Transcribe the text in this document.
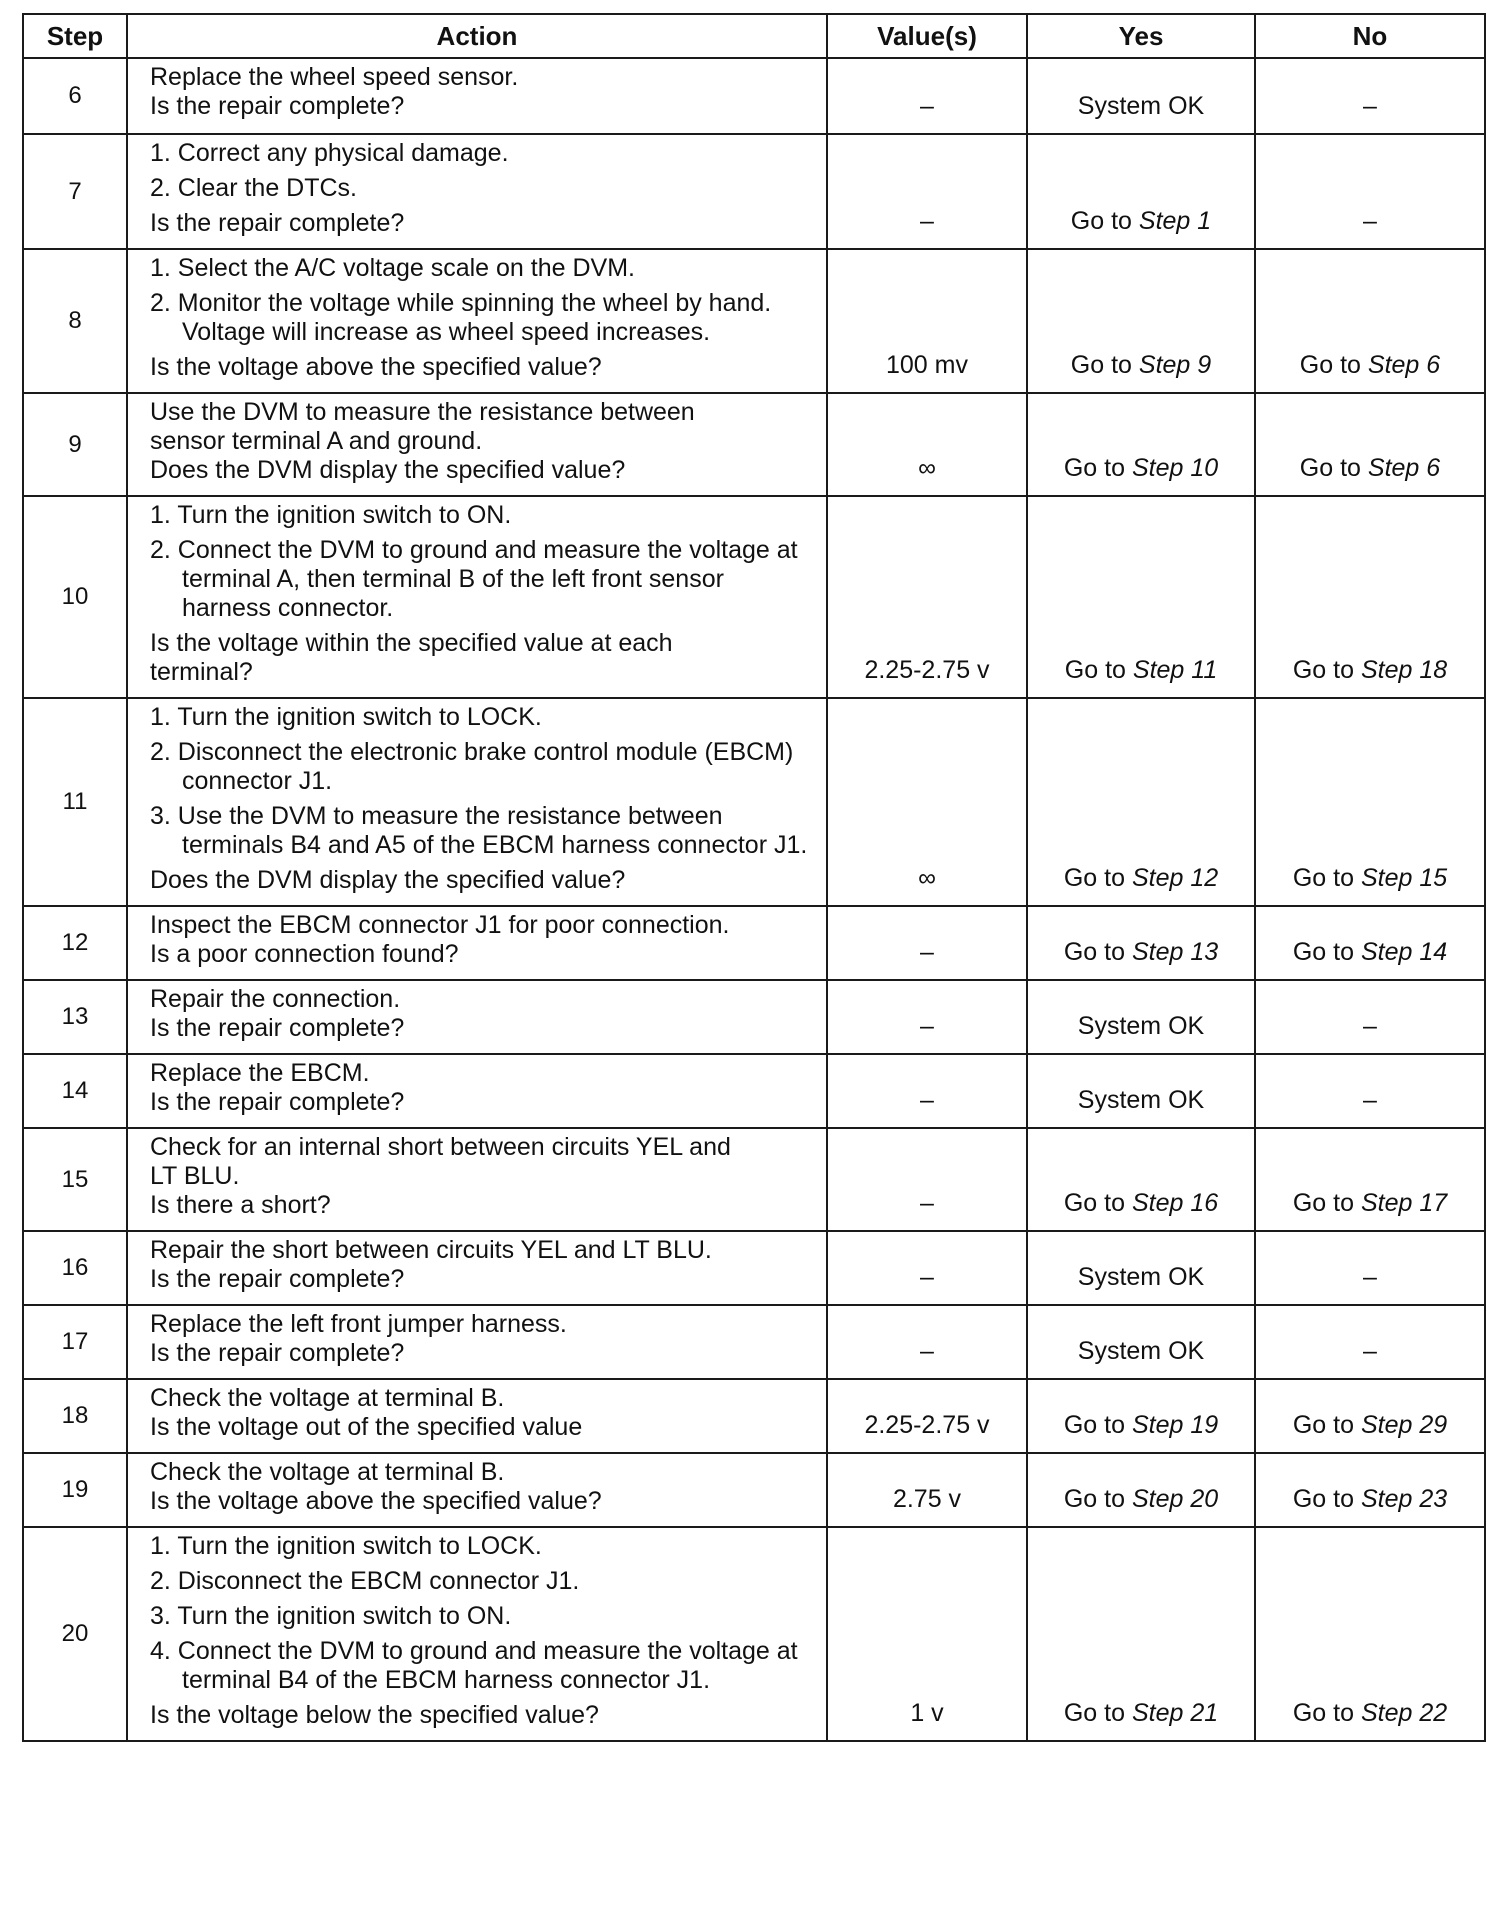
Step	Action	Value(s)	Yes	No
6	Replace the wheel speed sensor.
Is the repair complete?	–	System OK	–
7	1. Correct any physical damage.
2. Clear the DTCs.
Is the repair complete?	–	Go to Step 1	–
8	1. Select the A/C voltage scale on the DVM.
2. Monitor the voltage while spinning the wheel by hand. Voltage will increase as wheel speed increases.
Is the voltage above the specified value?	100 mv	Go to Step 9	Go to Step 6
9	Use the DVM to measure the resistance between
sensor terminal A and ground.
Does the DVM display the specified value?	∞	Go to Step 10	Go to Step 6
10	1. Turn the ignition switch to ON.
2. Connect the DVM to ground and measure the voltage at terminal A, then terminal B of the left front sensor harness connector.
Is the voltage within the specified value at each
terminal?	2.25-2.75 v	Go to Step 11	Go to Step 18
11	1. Turn the ignition switch to LOCK.
2. Disconnect the electronic brake control module (EBCM) connector J1.
3. Use the DVM to measure the resistance between terminals B4 and A5 of the EBCM harness connector J1.
Does the DVM display the specified value?	∞	Go to Step 12	Go to Step 15
12	Inspect the EBCM connector J1 for poor connection.
Is a poor connection found?	–	Go to Step 13	Go to Step 14
13	Repair the connection.
Is the repair complete?	–	System OK	–
14	Replace the EBCM.
Is the repair complete?	–	System OK	–
15	Check for an internal short between circuits YEL and
LT BLU.
Is there a short?	–	Go to Step 16	Go to Step 17
16	Repair the short between circuits YEL and LT BLU.
Is the repair complete?	–	System OK	–
17	Replace the left front jumper harness.
Is the repair complete?	–	System OK	–
18	Check the voltage at terminal B.
Is the voltage out of the specified value	2.25-2.75 v	Go to Step 19	Go to Step 29
19	Check the voltage at terminal B.
Is the voltage above the specified value?	2.75 v	Go to Step 20	Go to Step 23
20	1. Turn the ignition switch to LOCK.
2. Disconnect the EBCM connector J1.
3. Turn the ignition switch to ON.
4. Connect the DVM to ground and measure the voltage at terminal B4 of the EBCM harness connector J1.
Is the voltage below the specified value?	1 v	Go to Step 21	Go to Step 22
